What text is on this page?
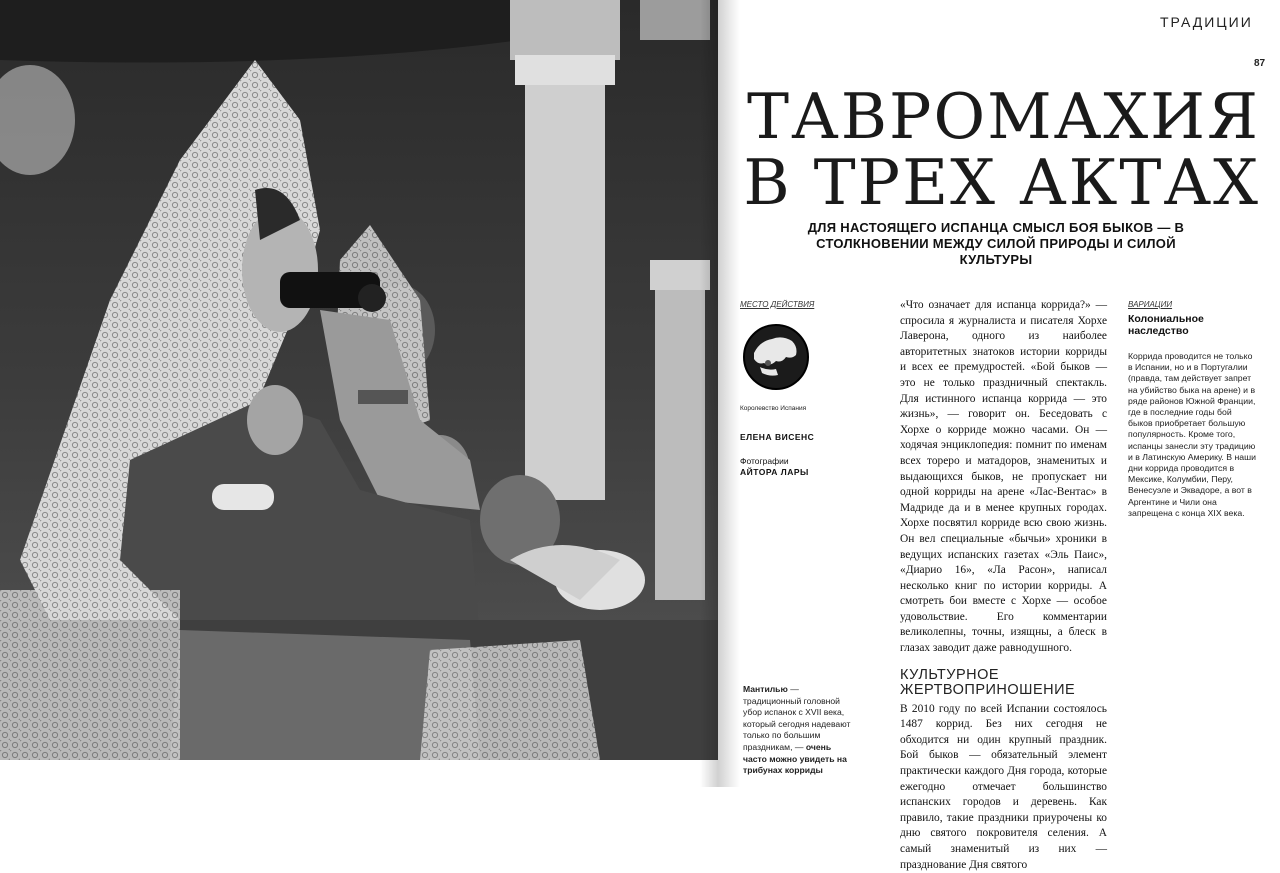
Мантилью — традиционный головной убор испанок с XVII века, который сегодня надевают только по большим праздникам, — очень часто можно увидеть на трибунах корриды
ТРАДИЦИИ
87
ТАВРОМАХИЯ
В ТРЕХ АКТАХ
ДЛЯ НАСТОЯЩЕГО ИСПАНЦА СМЫСЛ БОЯ БЫКОВ — В СТОЛКНОВЕНИИ МЕЖДУ СИЛОЙ ПРИРОДЫ И СИЛОЙ КУЛЬТУРЫ
МЕСТО ДЕЙСТВИЯ
Королевство Испания
ЕЛЕНА ВИСЕНС
Фотографии
АЙТОРА ЛАРЫ

«Что означает для испанца коррида?» — спросила я журналиста и писателя Хорхе Лаверона, одного из наиболее авторитетных знатоков истории корриды и всех ее премудростей. «Бой быков — это не только праздничный спектакль. Для истинного испанца коррида — это жизнь», — говорит он. Беседовать с Хорхе о корриде можно часами. Он — ходячая энциклопедия: помнит по именам всех тореро и матадоров, знаменитых и выдающихся быков, не пропускает ни одной корриды на арене «Лас-Вентас» в Мадриде да и в менее крупных городах. Хорхе посвятил корриде всю свою жизнь. Он вел специальные «бычьи» хроники в ведущих испанских газетах «Эль Паис», «Диарио 16», «Ла Расон», написал несколько книг по истории корриды. А смотреть бои вместе с Хорхе — особое удовольствие. Его комментарии великолепны, точны, изящны, а блеск в глазах заводит даже равнодушного.

КУЛЬТУРНОЕ ЖЕРТВОПРИНОШЕНИЕ

В 2010 году по всей Испании состоялось 1487 коррид. Без них сегодня не обходится ни один крупный праздник. Бой быков — обязательный элемент практически каждого Дня города, которые ежегодно отмечает большинство испанских городов и деревень. Как правило, такие праздники приурочены ко дню святого покровителя селения. А самый знаменитый из них — празднование Дня святого

ВАРИАЦИИ
Колониальное наследство
Коррида проводится не только в Испании, но и в Португалии (правда, там действует запрет на убийство быка на арене) и в ряде районов Южной Франции, где в последние годы бой быков приобретает большую популярность. Кроме того, испанцы занесли эту традицию и в Латинскую Америку. В наши дни коррида проводится в Мексике, Колумбии, Перу, Венесуэле и Эквадоре, а вот в Аргентине и Чили она запрещена с конца XIX века.
